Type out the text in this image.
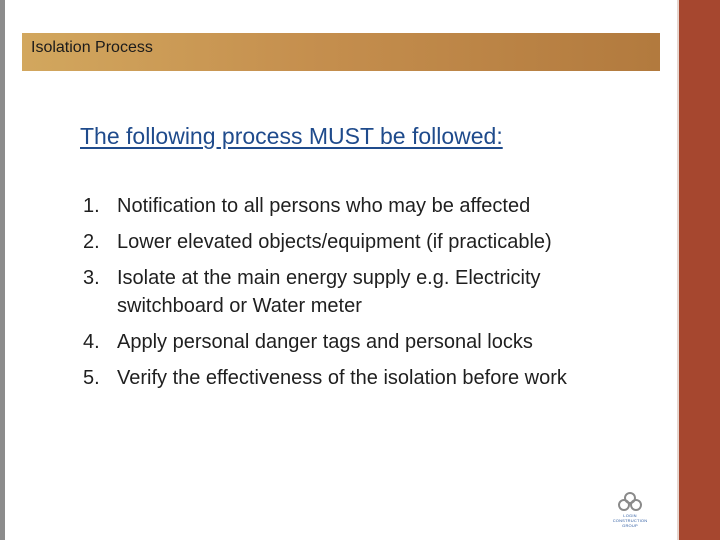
Isolation Process
The following process MUST be followed:
1. Notification to all persons who may be affected
2. Lower elevated objects/equipment (if practicable)
3. Isolate at the main energy supply e.g. Electricity switchboard or Water meter
4. Apply personal danger tags and personal locks
5. Verify the effectiveness of the isolation before work
LOGIN
CONSTRUCTION
GROUP
